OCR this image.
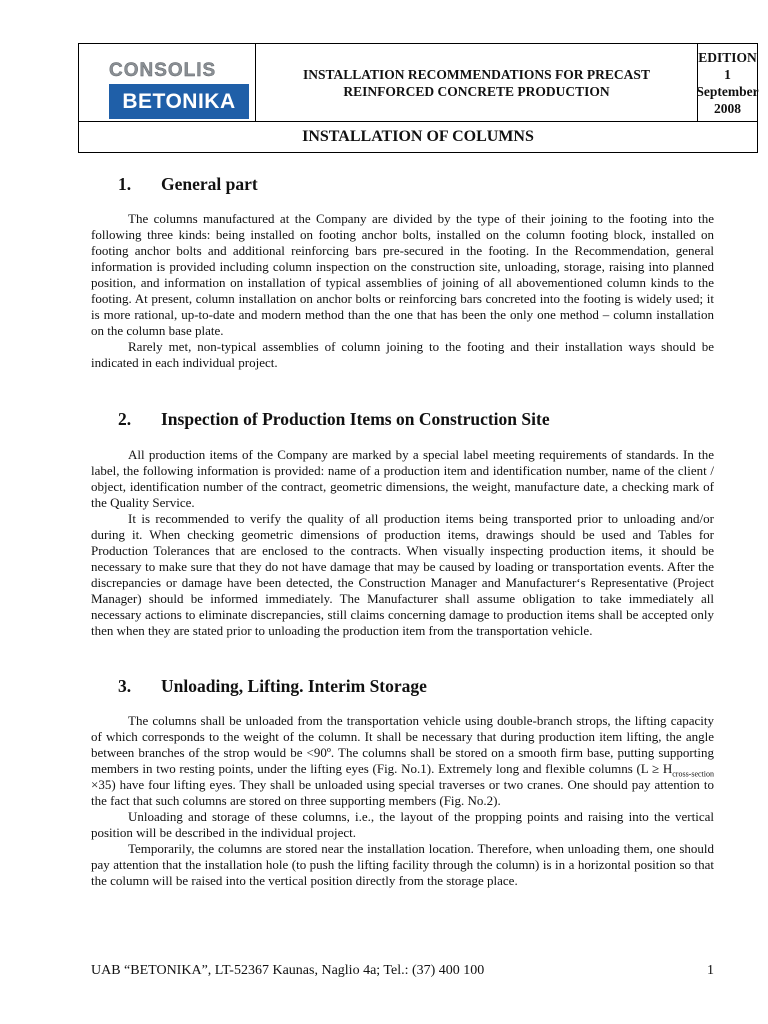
CONSOLIS
BETONIKA
INSTALLATION RECOMMENDATIONS FOR PRECAST REINFORCED CONCRETE PRODUCTION
EDITION 1
September
2008
INSTALLATION OF COLUMNS
1.	General part

The columns manufactured at the Company are divided by the type of their joining to the footing into the following three kinds: being installed on footing anchor bolts, installed on the column footing block, installed on footing anchor bolts and additional reinforcing bars pre-secured in the footing. In the Recommendation, general information is provided including column inspection on the construction site, unloading, storage, raising into planned position, and information on installation of typical assemblies of joining of all abovementioned column kinds to the footing. At present, column installation on anchor bolts or reinforcing bars concreted into the footing is widely used; it is more rational, up-to-date and modern method than the one that has been the only one method – column installation on the column base plate.

Rarely met, non-typical assemblies of column joining to the footing and their installation ways should be indicated in each individual project.

2.	Inspection of Production Items on Construction Site

All production items of the Company are marked by a special label meeting requirements of standards. In the label, the following information is provided: name of a production item and identification number, name of the client / object, identification number of the contract, geometric dimensions, the weight, manufacture date, a checking mark of the Quality Service.

It is recommended to verify the quality of all production items being transported prior to unloading and/or during it. When checking geometric dimensions of production items, drawings should be used and Tables for Production Tolerances that are enclosed to the contracts. When visually inspecting production items, it should be necessary to make sure that they do not have damage that may be caused by loading or transportation events. After the discrepancies or damage have been detected, the Construction Manager and Manufacturer‘s Representative (Project Manager) should be informed immediately. The Manufacturer shall assume obligation to take immediately all necessary actions to eliminate discrepancies, still claims concerning damage to production items shall be accepted only then when they are stated prior to unloading the production item from the transportation vehicle.

3.	Unloading, Lifting. Interim Storage

The columns shall be unloaded from the transportation vehicle using double-branch strops, the lifting capacity of which corresponds to the weight of the column. It shall be necessary that during production item lifting, the angle between branches of the strop would be <90º. The columns shall be stored on a smooth firm base, putting supporting members in two resting points, under the lifting eyes (Fig. No.1). Extremely long and flexible columns $(L \ge H_{cross-section} \times 35)$ have four lifting eyes. They shall be unloaded using special traverses or two cranes. One should pay attention to the fact that such columns are stored on three supporting members (Fig. No.2).

Unloading and storage of these columns, i.e., the layout of the propping points and raising into the vertical position will be described in the individual project.

Temporarily, the columns are stored near the installation location. Therefore, when unloading them, one should pay attention that the installation hole (to push the lifting facility through the column) is in a horizontal position so that the column will be raised into the vertical position directly from the storage place.

UAB “BETONIKA”, LT-52367 Kaunas, Naglio 4a; Tel.: (37) 400 100	1
